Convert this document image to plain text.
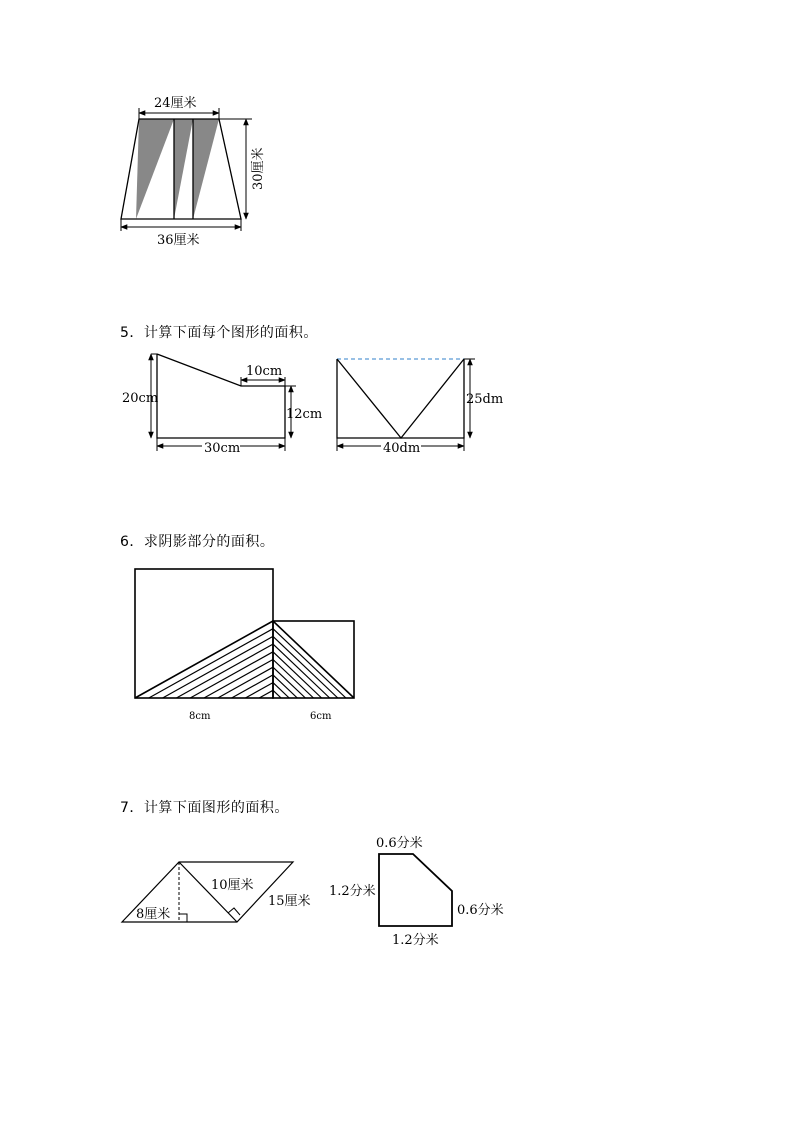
24厘米
30厘米
36厘米
5．计算下面每个图形的面积。
10cm
20cm
12cm
30cm
25dm
40dm
6．求阴影部分的面积。
8cm	6cm
7．计算下面图形的面积。
8厘米
10厘米
15厘米
0.6分米
1.2分米
0.6分米
1.2分米
